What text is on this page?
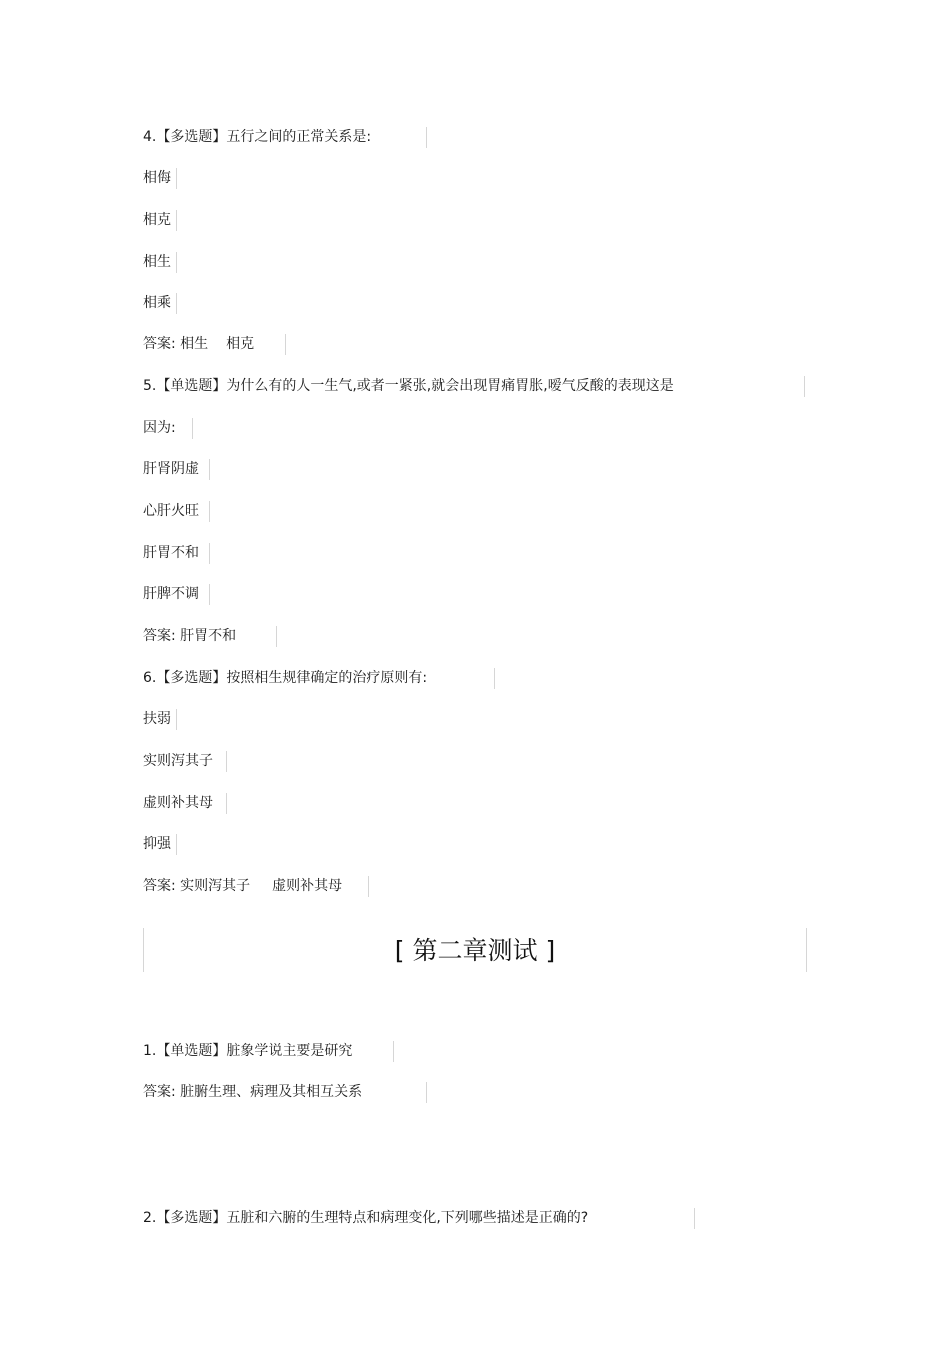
4.【多选题】五行之间的正常关系是:
相侮
相克
相生
相乘
答案: 相生 相克
5.【单选题】为什么有的人一生气,或者一紧张,就会出现胃痛胃胀,嗳气反酸的表现这是
因为:
肝肾阴虚
心肝火旺
肝胃不和
肝脾不调
答案: 肝胃不和
6.【多选题】按照相生规律确定的治疗原则有:
扶弱
实则泻其子
虚则补其母
抑强
答案: 实则泻其子 虚则补其母
[ 第二章测试 ]
1.【单选题】脏象学说主要是研究
答案: 脏腑生理、病理及其相互关系
2.【多选题】五脏和六腑的生理特点和病理变化,下列哪些描述是正确的?
